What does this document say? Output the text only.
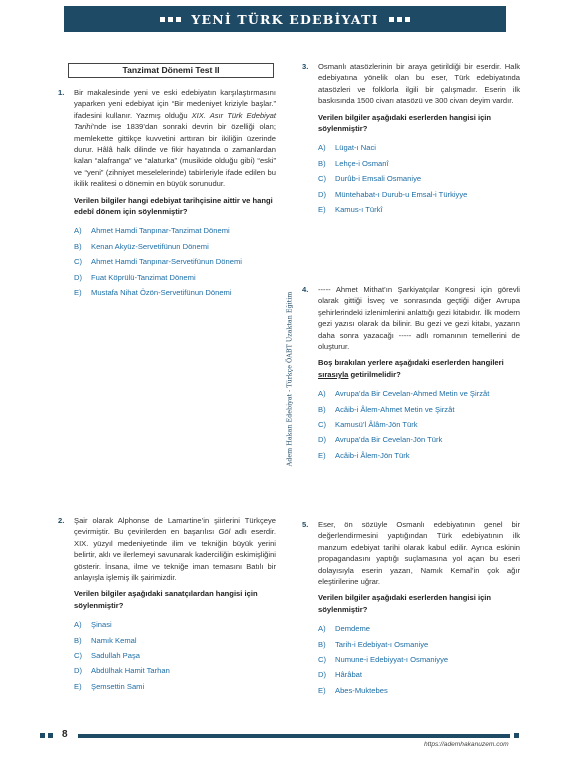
YENİ TÜRK EDEBİYATI
Tanzimat Dönemi Test II
1. Bir makalesinde yeni ve eski edebiyatın karşılaştırmasını yaparken yeni edebiyat için “Bir medeniyet kriziyle başlar.” ifadesini kullanır. Yazmış olduğu XIX. Asır Türk Edebiyat Tarihi’nde ise 1839’dan sonraki devrin bir özelliği olan; memlekette gittikçe kuvvetini arttıran bir ikiliğin üzerinde durur. Hâlâ halk dilinde ve fikir hayatında o zamanlardan kalan “alafranga” ve “alaturka” (musikide olduğu gibi) “eski” ve “yeni” (zihniyet meselelerinde) tabirleriyle ifade edilen bu ikilik realitesi o dönemin en büyük sorunudur.
Verilen bilgiler hangi edebiyat tarihçisine aittir ve hangi edebî dönem için söylenmiştir?
A) Ahmet Hamdi Tanpınar-Tanzimat Dönemi
B) Kenan Akyüz-Servetifünun Dönemi
C) Ahmet Hamdi Tanpınar-Servetifünun Dönemi
D) Fuat Köprülü-Tanzimat Dönemi
E) Mustafa Nihat Özön-Servetifünun Dönemi
2. Şair olarak Alphonse de Lamartine’in şiirlerini Türkçeye çevirmiştir. Bu çevirilerden en başarılısı Göl adlı eserdir. XIX. yüzyıl medeniyetinde ilim ve tekniğin büyük yerini belirtir, aklı ve ilerlemeyi savunarak kaderciliğin eskimişliğini gösterir. İnsana, ilme ve tekniğe iman temasını Batılı bir anlayışla işlemiş ilk şairimizdir.
Verilen bilgiler aşağıdaki sanatçılardan hangisi için söylenmiştir?
A) Şinasi
B) Namık Kemal
C) Sadullah Paşa
D) Abdülhak Hamit Tarhan
E) Şemsettin Sami
Adem Hakan Edebiyat - Türkçe ÖABT Uzaktan Eğitim
3. Osmanlı atasözlerinin bir araya getirildiği bir eserdir. Halk edebiyatına yönelik olan bu eser, Türk edebiyatında atasözleri ve folklorla ilgili bir çalışmadır. Eserin ilk baskısında 1500 civarı atasözü ve 300 civarı deyim vardır.
Verilen bilgiler aşağıdaki eserlerden hangisi için söylenmiştir?
A) Lügat-ı Naci
B) Lehçe-i Osmanî
C) Durûb-i Emsali Osmaniye
D) Müntehabat-ı Durub-u Emsal-i Türkiyye
E) Kamus-ı Türkî
4. ----- Ahmet Mithat’ın Şarkiyatçılar Kongresi için görevli olarak gittiği İsveç ve sonrasında geçtiği diğer Avrupa şehirlerindeki izlenimlerini anlattığı gezi kitabıdır. İlk modern gezi yazısı olarak da bilinir. Bu gezi ve gezi kitabı, yazarın daha sonra yazacağı ----- adlı romanının temellerini de oluşturur.
Boş bırakılan yerlere aşağıdaki eserlerden hangileri sırasıyla getirilmelidir?
A) Avrupa’da Bir Cevelan-Ahmed Metin ve Şirzât
B) Acâib-i Âlem-Ahmet Metin ve Şirzât
C) Kamusü’l Âlâm-Jön Türk
D) Avrupa’da Bir Cevelan-Jön Türk
E) Acâib-i Âlem-Jön Türk
5. Eser, ön sözüyle Osmanlı edebiyatının genel bir değerlendirmesini yaptığından Türk edebiyatının ilk manzum edebiyat tarihi olarak kabul edilir. Ayrıca eskinin propagandasını yaptığı suçlamasına yol açan bu eseri dolayısıyla eserin yazarı, Namık Kemal’in çok ağır eleştirilerine uğrar.
Verilen bilgiler aşağıdaki eserlerden hangisi için söylenmiştir?
A) Demdeme
B) Tarih-i Edebiyat-ı Osmaniye
C) Numune-i Edebiyyat-ı Osmaniyye
D) Hârâbat
E) Abes-Muktebes
8
https://ademhakanuzem.com
